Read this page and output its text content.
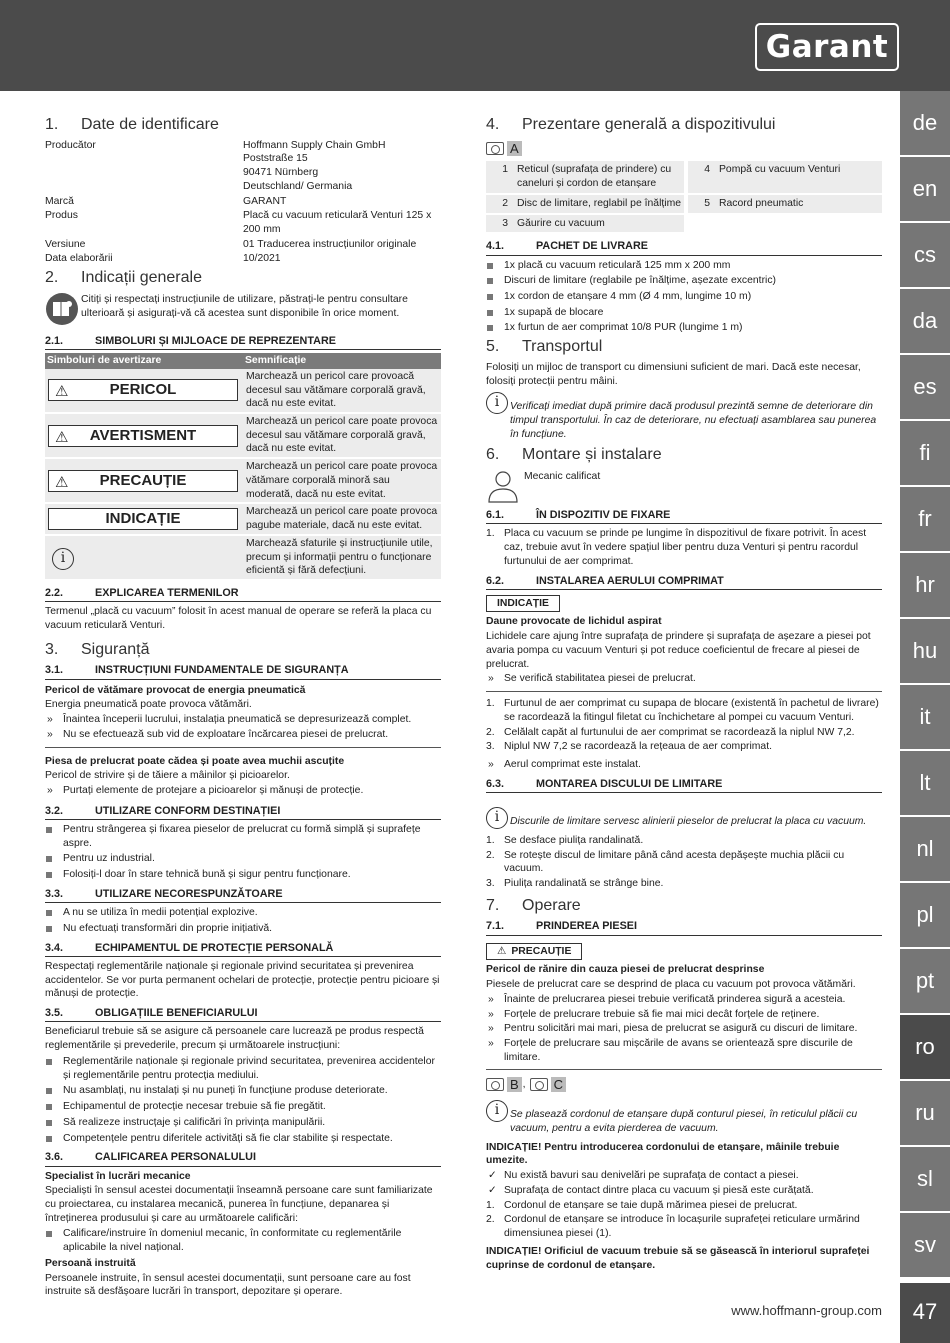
Garant
de
en
cs
da
es
fi
fr
hr
hu
it
lt
nl
pl
pt
ro
ru
sl
sv
47
www.hoffmann-group.com
1.	Date de identificare
Producător	Hoffmann Supply Chain GmbH
Poststraße 15
90471 Nürnberg
Deutschland/ Germania
Marcă	GARANT
Produs	Placă cu vacuum reticulară Venturi 125 x 200 mm
Versiune	01 Traducerea instrucțiunilor originale
Data elaborării	10/2021
2.	Indicații generale

Citiți și respectați instrucțiunile de utilizare, păstrați-le pentru consultare ulterioară și asigurați-vă că acestea sunt disponibile în orice moment.

2.1.	SIMBOLURI ȘI MIJLOACE DE REPREZENTARE
Simboluri de avertizare	Semnificație

⚠ PERICOL	Marchează un pericol care provoacă decesul sau vătămare corporală gravă, dacă nu este evitat.

⚠ AVERTISMENT	Marchează un pericol care poate provoca decesul sau vătămare corporală gravă, dacă nu este evitat.

⚠ PRECAUȚIE	Marchează un pericol care poate provoca vătămare corporală minoră sau moderată, dacă nu este evitat.

INDICAȚIE	Marchează un pericol care poate provoca pagube materiale, dacă nu este evitat.
i	Marchează sfaturile și instrucțiunile utile, precum și informații pentru o funcționare eficientă și fără defecțiuni.
2.2.	EXPLICAREA TERMENILOR

Termenul „placă cu vacuum” folosit în acest manual de operare se referă la placa cu vacuum reticulară Venturi.

3.	Siguranță
3.1.	INSTRUCȚIUNI FUNDAMENTALE DE SIGURANȚA

Pericol de vătămare provocat de energia pneumatică

Energia pneumatică poate provoca vătămări.

» Înaintea începerii lucrului, instalația pneumatică se depresurizează complet.
» Nu se efectuează sub vid de exploatare încărcarea piesei de prelucrat.

Piesa de prelucrat poate cădea și poate avea muchii ascuțite

Pericol de strivire și de tăiere a mâinilor și picioarelor.

» Purtați elemente de protejare a picioarelor și mănuși de protecție.
3.2.	UTILIZARE CONFORM DESTINAȚIEI
Pentru strângerea și fixarea pieselor de prelucrat cu formă simplă și suprafețe aspre.
Pentru uz industrial.
Folosiți-l doar în stare tehnică bună și sigur pentru funcționare.
3.3.	UTILIZARE NECORESPUNZĂTOARE
A nu se utiliza în medii potențial explozive.
Nu efectuați transformări din proprie inițiativă.
3.4.	ECHIPAMENTUL DE PROTECȚIE PERSONALĂ

Respectați reglementările naționale și regionale privind securitatea și prevenirea accidentelor. Se vor purta permanent ochelari de protecție, protecție pentru picioare și mănuși de protecție.

3.5.	OBLIGAȚIILE BENEFICIARULUI

Beneficiarul trebuie să se asigure că persoanele care lucrează pe produs respectă reglementările și prevederile, precum și următoarele instrucțiuni:

Reglementările naționale și regionale privind securitatea, prevenirea accidentelor și reglementările pentru protecția mediului.
Nu asamblați, nu instalați și nu puneți în funcțiune produse deteriorate.
Echipamentul de protecție necesar trebuie să fie pregătit.
Să realizeze instrucțaje și calificări în privința manipulării.
Competențele pentru diferitele activități să fie clar stabilite și respectate.
3.6.	CALIFICAREA PERSONALULUI

Specialist în lucrări mecanice

Specialiști în sensul acestei documentații înseamnă persoane care sunt familiarizate cu proiectarea, cu instalarea mecanică, punerea în funcțiune, depanarea și întreținerea produsului și care au următoarele calificări:

Calificare/instruire în domeniul mecanic, în conformitate cu reglementările aplicabile la nivel național.

Persoană instruită

Persoanele instruite, în sensul acestei documentații, sunt persoane care au fost instruite să desfășoare lucrări în transport, depozitare și operare.

4.	Prezentare generală a dispozitivului
A
1	Reticul (suprafața de prindere) cu caneluri și cordon de etanșare		4	Pompă cu vacuum Venturi
2	Disc de limitare, reglabil pe înălțime		5	Racord pneumatic
3	Găurire cu vacuum			
4.1.	PACHET DE LIVRARE
1x placă cu vacuum reticulară 125 mm x 200 mm
Discuri de limitare (reglabile pe înălțime, așezate excentric)
1x cordon de etanșare 4 mm (Ø 4 mm, lungime 10 m)
1x supapă de blocare
1x furtun de aer comprimat 10/8 PUR (lungime 1 m)
5.	Transportul

Folosiți un mijloc de transport cu dimensiuni suficient de mari. Dacă este necesar, folosiți protecții pentru mâini.

i	Verificați imediat după primire dacă produsul prezintă semne de deteriorare din timpul transportului. În caz de deteriorare, nu efectuați asamblarea sau punerea în funcțiune.

6.	Montare și instalare

Mecanic calificat

6.1.	ÎN DISPOZITIV DE FIXARE
1. Placa cu vacuum se prinde pe lungime în dispozitivul de fixare potrivit. În acest caz, trebuie avut în vedere spațiul liber pentru duza Venturi și pentru racordul furtunului de aer comprimat.
6.2.	INSTALAREA AERULUI COMPRIMAT
INDICAȚIE

Daune provocate de lichidul aspirat

Lichidele care ajung între suprafața de prindere și suprafața de așezare a piesei pot avaria pompa cu vacuum Venturi și pot reduce coeficientul de frecare al piesei de prelucrat.

» Se verifică stabilitatea piesei de prelucrat.
1. Furtunul de aer comprimat cu supapa de blocare (existentă în pachetul de livrare) se racordează la fitingul filetat cu închichetare al pompei cu vacuum Venturi.
2. Celălalt capăt al furtunului de aer comprimat se racordează la niplul NW 7,2.
3. Niplul NW 7,2 se racordează la rețeaua de aer comprimat.
» Aerul comprimat este instalat.
6.3.	MONTAREA DISCULUI DE LIMITARE
i	Discurile de limitare servesc alinierii pieselor de prelucrat la placa cu vacuum.

1. Se desface piulița randalinată.
2. Se rotește discul de limitare până când acesta depășește muchia plăcii cu vacuum.
3. Piulița randalinată se strânge bine.
7.	Operare
7.1.	PRINDEREA PIESEI
⚠ PRECAUȚIE

Pericol de rănire din cauza piesei de prelucrat desprinse

Piesele de prelucrat care se desprind de placa cu vacuum pot provoca vătămări.

» Înainte de prelucrarea piesei trebuie verificată prinderea sigură a acesteia.
» Forțele de prelucrare trebuie să fie mai mici decât forțele de reținere.
» Pentru solicitări mai mari, piesa de prelucrat se asigură cu discuri de limitare.
» Forțele de prelucrare sau mișcările de avans se orientează spre discurile de limitare.
B , C
i	Se plasează cordonul de etanșare după conturul piesei, în reticulul plăcii cu vacuum, pentru a evita pierderea de vacuum.

INDICAȚIE! Pentru introducerea cordonului de etanșare, mâinile trebuie umezite.

✓ Nu există bavuri sau denivelări pe suprafața de contact a piesei.
✓ Suprafața de contact dintre placa cu vacuum și piesă este curățată.
1. Cordonul de etanșare se taie după mărimea piesei de prelucrat.
2. Cordonul de etanșare se introduce în locașurile suprafeței reticulare urmărind dimensiunea piesei (1).

INDICAȚIE! Orificiul de vacuum trebuie să se găsească în interiorul suprafeței cuprinse de cordonul de etanșare.
